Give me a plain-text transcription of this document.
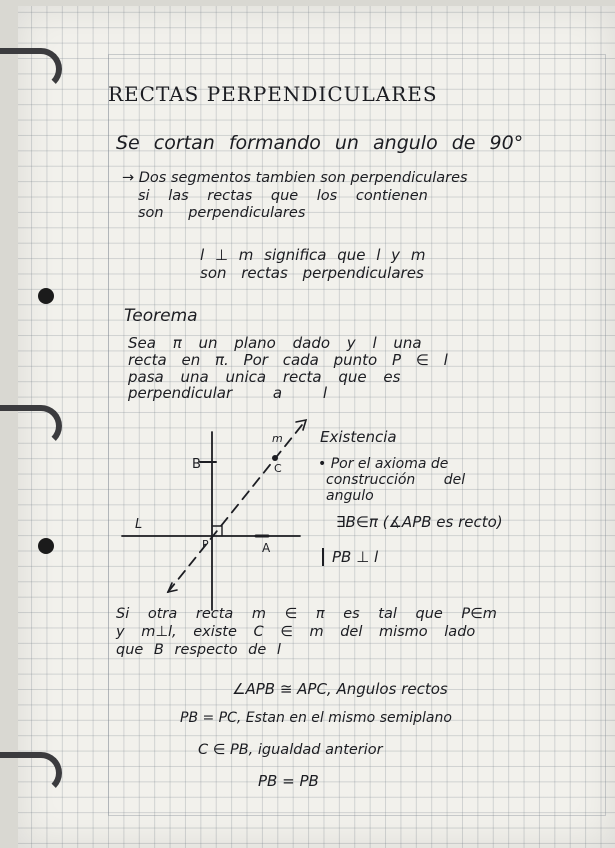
RECTAS PERPENDICULARES
Se cortan formando un angulo de 90°
→ Dos segmentos tambien son perpendiculares
si las rectas que los contienen
son perpendiculares
l ⊥ m significa que l y m
son rectas perpendiculares
Teorema
Sea π un plano dado y l una
recta en π. Por cada punto P ∈ l
pasa una unica recta que es
perpendicular a l
L
m
B	C
P	A
Existencia
• Por el axioma de
construcción del
angulo
∃B∈π (∡APB es recto)
PB ⊥ l
Si otra recta m ∈ π es tal que P∈m
y m⊥l, existe C ∈ m del mismo lado
que B respecto de l
∠APB ≅ APC, Angulos rectos
PB = PC, Estan en el mismo semiplano
C ∈ PB, igualdad anterior
PB = PB
